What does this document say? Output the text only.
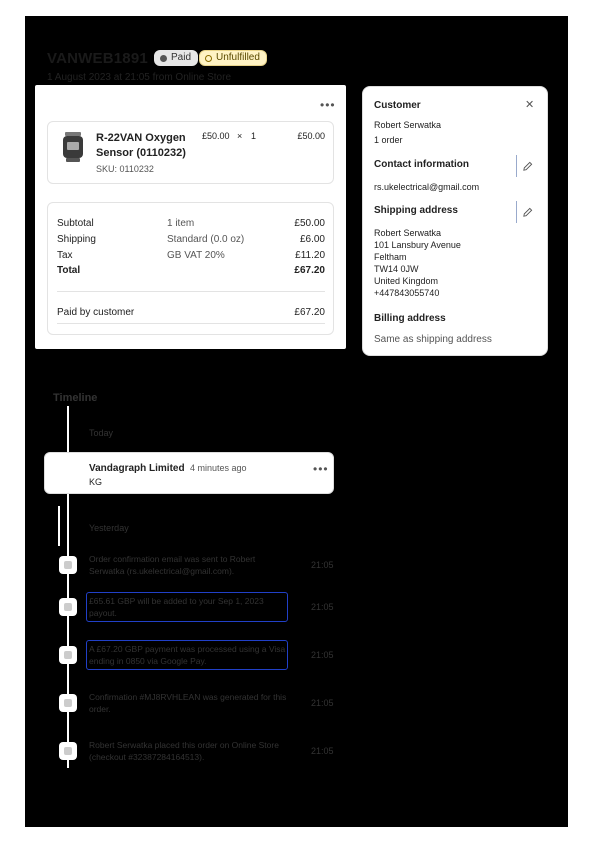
VANWEB1891 Paid Unfulfilled
1 August 2023 at 21:05 from Online Store
•••
R-22VAN Oxygen
Sensor (0110232)
SKU: 0110232
£50.00 × 1	£50.00
Subtotal	1 item	£50.00
Shipping	Standard (0.0 oz)	£6.00
Tax	GB VAT 20%	£11.20
Total	£67.20
Paid by customer	£67.20
Customer	✕
Robert Serwatka
1 order
Contact information
rs.ukelectrical@gmail.com
Shipping address
Robert Serwatka
101 Lansbury Avenue
Feltham
TW14 0JW
United Kingdom
+447843055740
Billing address
Same as shipping address
Timeline
Today
Vandagraph Limited 4 minutes ago
KG
•••
Yesterday
Order confirmation email was sent to Robert Serwatka (rs.ukelectrical@gmail.com).
21:05
£65.61 GBP will be added to your Sep 1, 2023 payout.
21:05
A £67.20 GBP payment was processed using a Visa ending in 0850 via Google Pay.
21:05
Confirmation #MJ8RVHLEAN was generated for this order.
21:05
Robert Serwatka placed this order on Online Store (checkout #32387284164513).
21:05
